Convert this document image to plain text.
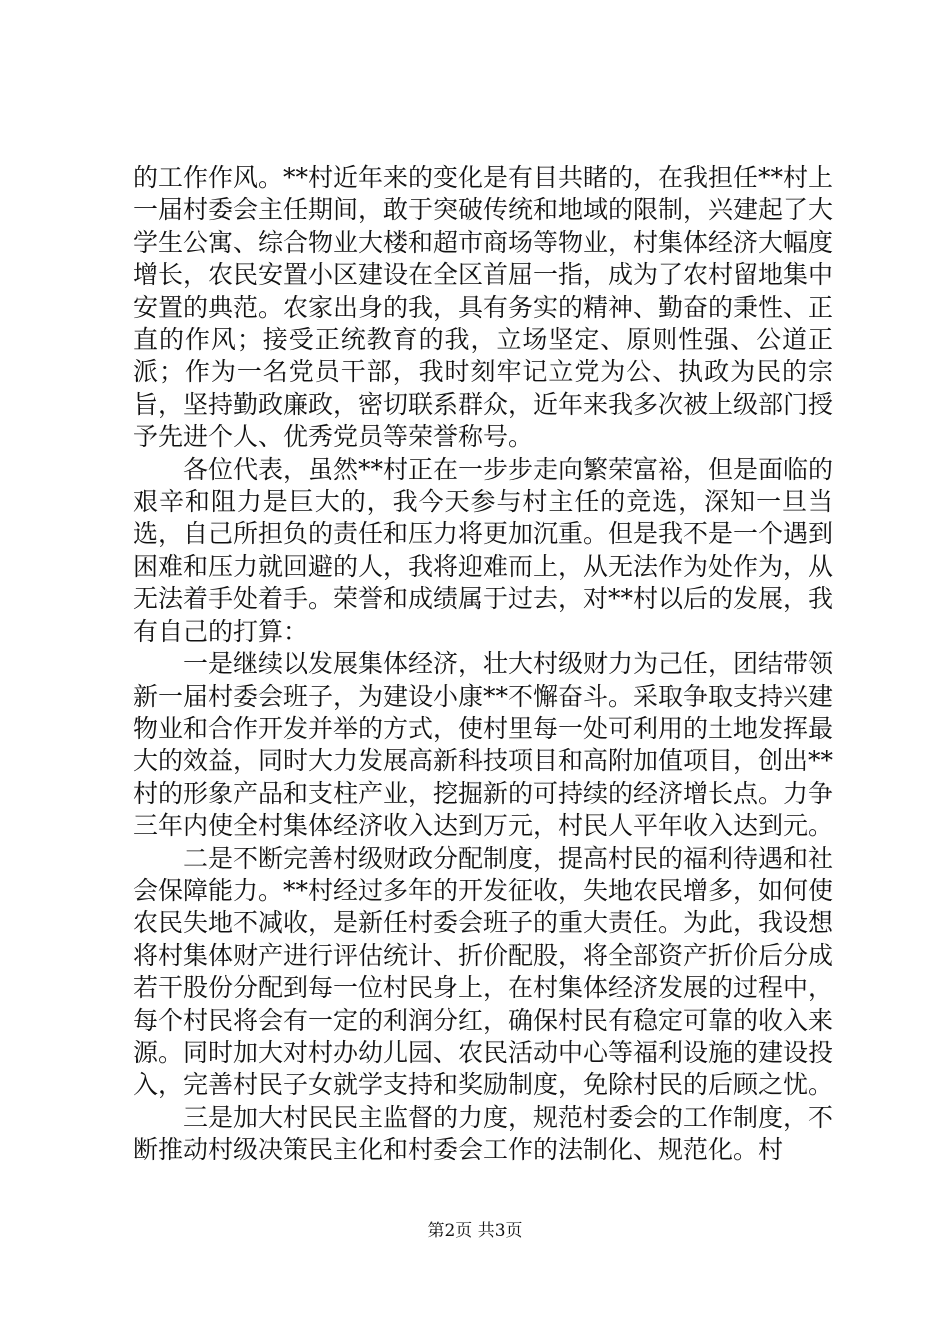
的工作作风。**村近年来的变化是有目共睹的，在我担任**村上一届村委会主任期间，敢于突破传统和地域的限制，兴建起了大学生公寓、综合物业大楼和超市商场等物业，村集体经济大幅度增长，农民安置小区建设在全区首屈一指，成为了农村留地集中安置的典范。农家出身的我，具有务实的精神、勤奋的秉性、正直的作风；接受正统教育的我，立场坚定、原则性强、公道正派；作为一名党员干部，我时刻牢记立党为公、执政为民的宗旨，坚持勤政廉政，密切联系群众，近年来我多次被上级部门授予先进个人、优秀党员等荣誉称号。

各位代表，虽然**村正在一步步走向繁荣富裕，但是面临的艰辛和阻力是巨大的，我今天参与村主任的竞选，深知一旦当选，自己所担负的责任和压力将更加沉重。但是我不是一个遇到困难和压力就回避的人，我将迎难而上，从无法作为处作为，从无法着手处着手。荣誉和成绩属于过去，对**村以后的发展，我有自己的打算：

一是继续以发展集体经济，壮大村级财力为己任，团结带领新一届村委会班子，为建设小康**不懈奋斗。采取争取支持兴建物业和合作开发并举的方式，使村里每一处可利用的土地发挥最大的效益，同时大力发展高新科技项目和高附加值项目，创出**村的形象产品和支柱产业，挖掘新的可持续的经济增长点。力争三年内使全村集体经济收入达到万元，村民人平年收入达到元。

二是不断完善村级财政分配制度，提高村民的福利待遇和社会保障能力。**村经过多年的开发征收，失地农民增多，如何使农民失地不减收，是新任村委会班子的重大责任。为此，我设想将村集体财产进行评估统计、折价配股，将全部资产折价后分成若干股份分配到每一位村民身上，在村集体经济发展的过程中，每个村民将会有一定的利润分红，确保村民有稳定可靠的收入来源。同时加大对村办幼儿园、农民活动中心等福利设施的建设投入，完善村民子女就学支持和奖励制度，免除村民的后顾之忧。

三是加大村民民主监督的力度，规范村委会的工作制度，不断推动村级决策民主化和村委会工作的法制化、规范化。村

第2页 共3页
